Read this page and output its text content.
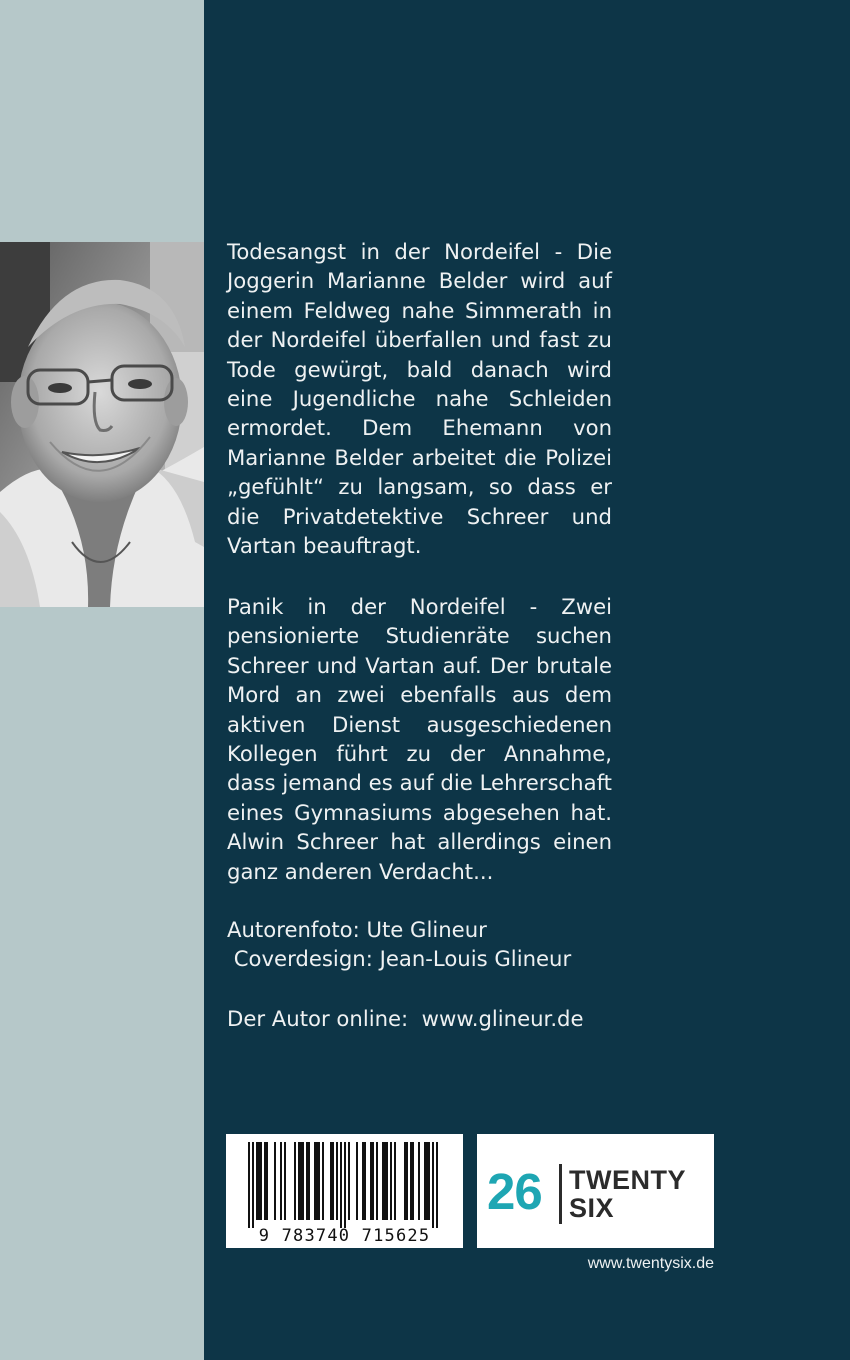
Todesangst in der Nordeifel - Die Joggerin Marianne Belder wird auf einem Feldweg nahe Simmerath in der Nordeifel überfallen und fast zu Tode gewürgt, bald danach wird eine Jugendliche nahe Schleiden ermordet. Dem Ehemann von Marianne Belder arbeitet die Polizei „gefühlt“ zu langsam, so dass er die Privatdetektive Schreer und Vartan beauftragt.

Panik in der Nordeifel - Zwei pensionierte Studienräte suchen Schreer und Vartan auf. Der brutale Mord an zwei ebenfalls aus dem aktiven Dienst ausgeschiedenen Kollegen führt zu der Annahme, dass jemand es auf die Lehrerschaft eines Gymnasiums abgesehen hat. Alwin Schreer hat allerdings einen ganz anderen Verdacht...

Autorenfoto: Ute Glineur

Coverdesign: Jean-Louis Glineur

Der Autor online:  www.glineur.de

9 783740 715625
26 TWENTY
SIX
www.twentysix.de
